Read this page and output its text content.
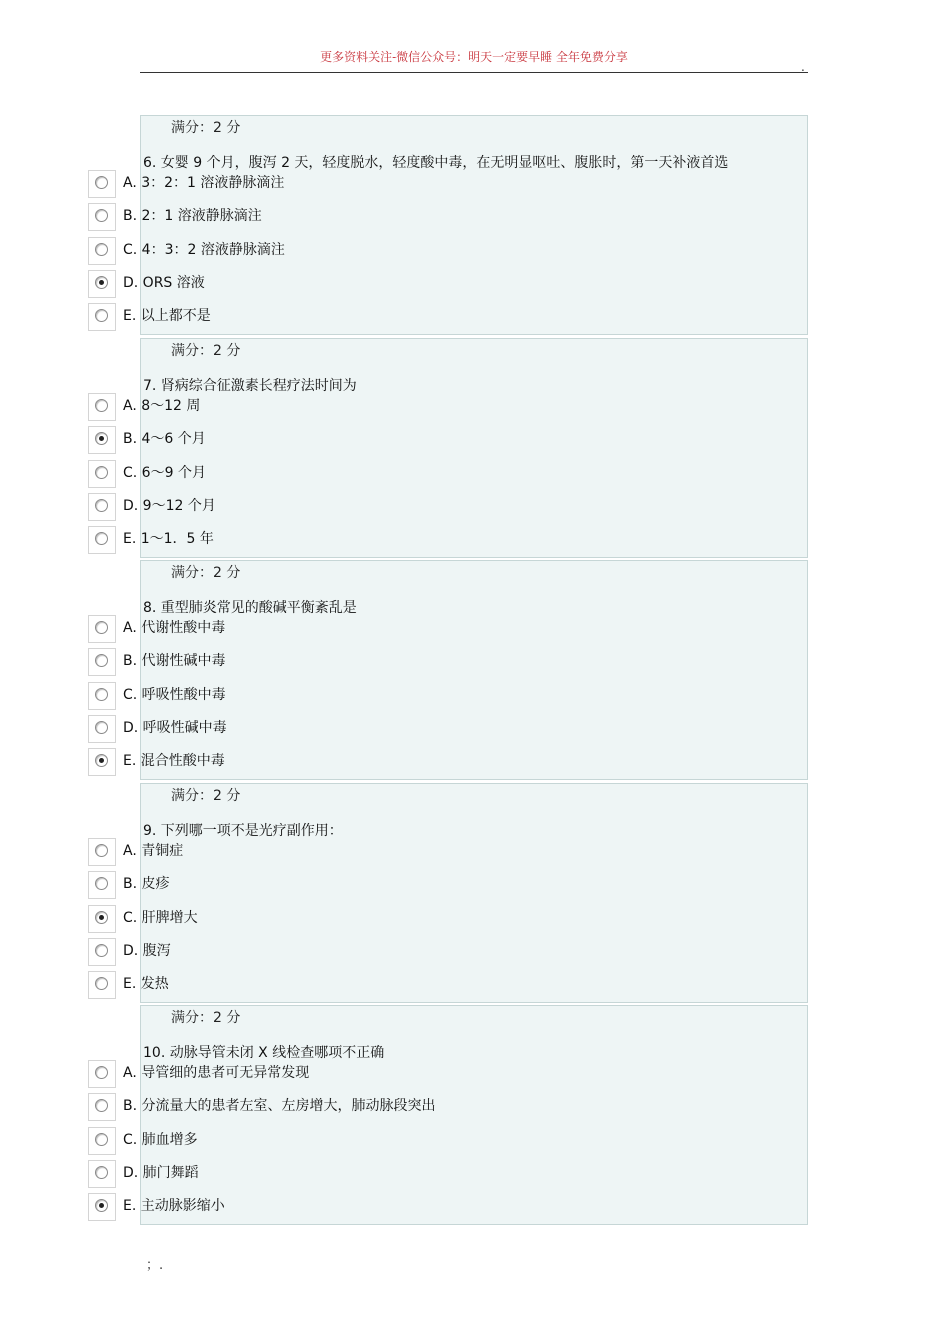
更多资料关注-微信公众号：明天一定要早睡 全年免费分享
.
满分：2 分
6. 女婴 9 个月，腹泻 2 天，轻度脱水，轻度酸中毒，在无明显呕吐、腹胀时，第一天补液首选
A. 3：2：1 溶液静脉滴注
B. 2：1 溶液静脉滴注
C. 4：3：2 溶液静脉滴注
D. ORS 溶液
E. 以上都不是
满分：2 分
7. 肾病综合征激素长程疗法时间为
A. 8～12 周
B. 4～6 个月
C. 6～9 个月
D. 9～12 个月
E. 1～1．5 年
满分：2 分
8. 重型肺炎常见的酸碱平衡紊乱是
A. 代谢性酸中毒
B. 代谢性碱中毒
C. 呼吸性酸中毒
D. 呼吸性碱中毒
E. 混合性酸中毒
满分：2 分
9. 下列哪一项不是光疗副作用：
A. 青铜症
B. 皮疹
C. 肝脾增大
D. 腹泻
E. 发热
满分：2 分
10. 动脉导管未闭 X 线检查哪项不正确
A. 导管细的患者可无异常发现
B. 分流量大的患者左室、左房增大，肺动脉段突出
C. 肺血增多
D. 肺门舞蹈
E. 主动脉影缩小
；.
